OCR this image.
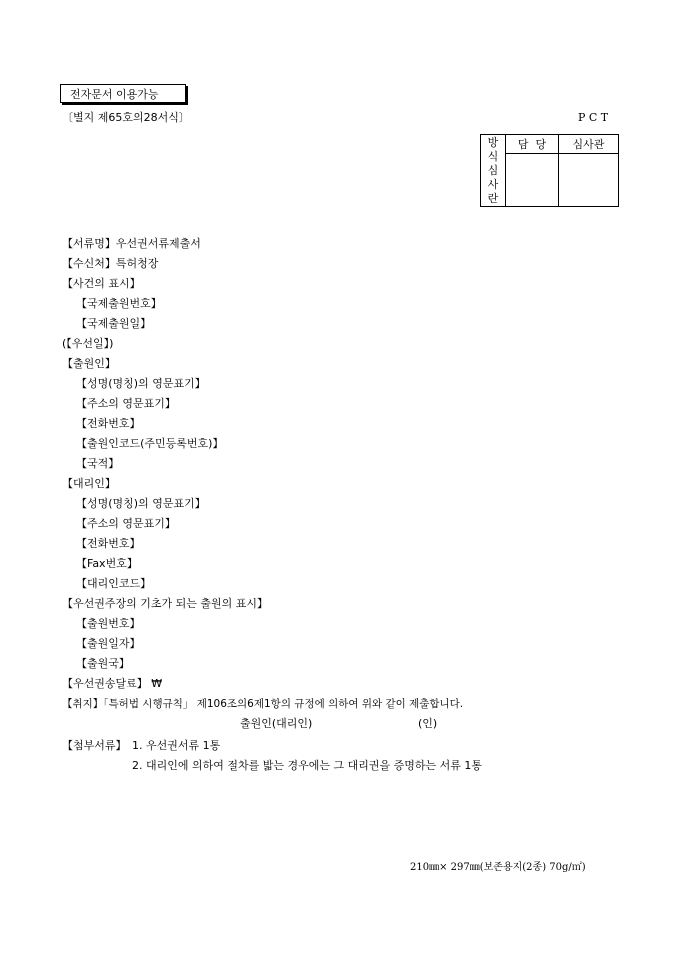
전자문서 이용가능
〔별지 제65호의28서식〕	P C T
방
식
심
사
란	담  당	심사관

【서류명】우선권서류제출서
【수신처】특허청장
【사건의 표시】
【국제출원번호】
【국제출원일】
(【우선일】)
【출원인】
【성명(명칭)의 영문표기】
【주소의 영문표기】
【전화번호】
【출원인코드(주민등록번호)】
【국적】
【대리인】
【성명(명칭)의 영문표기】
【주소의 영문표기】
【전화번호】
【Fax번호】
【대리인코드】
【우선권주장의 기초가 되는 출원의 표시】
【출원번호】
【출원일자】
【출원국】
【우선권송달료】 ₩
【취지】「특허법 시행규칙」 제106조의6제1항의 규정에 의하여 위와 같이 제출합니다.
출원인(대리인)	(인)
【첨부서류】 1. 우선권서류 1통
2. 대리인에 의하여 절차를 밟는 경우에는 그 대리권을 증명하는 서류 1통
210㎜× 297㎜(보존용지(2종) 70g/㎡)
